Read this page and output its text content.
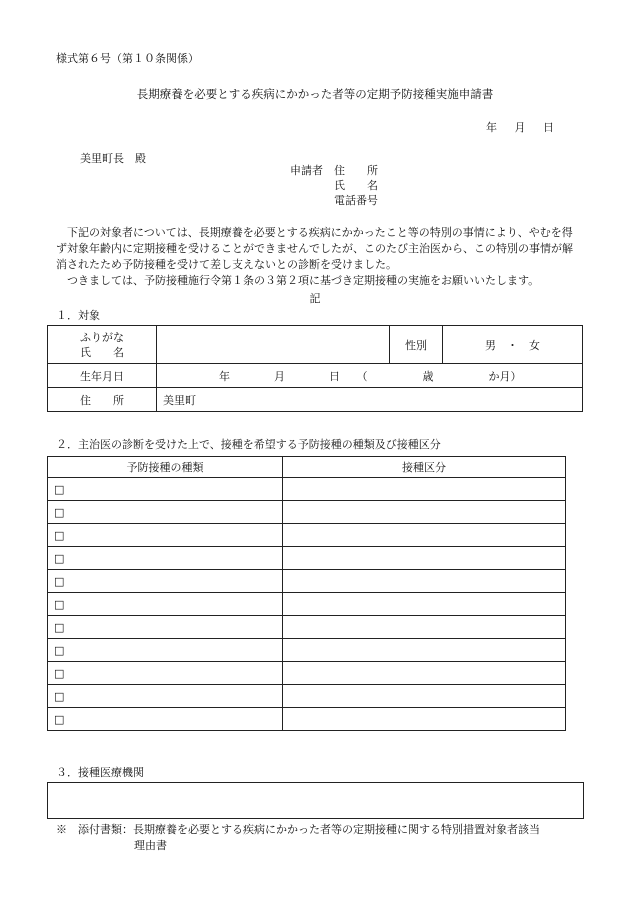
様式第６号（第１０条関係）
長期療養を必要とする疾病にかかった者等の定期予防接種実施申請書
年 月 日
美里町長　殿
申請者	住　　所
氏　　名
電話番号

下記の対象者については、長期療養を必要とする疾病にかかったこと等の特別の事情により、やむを得ず対象年齢内に定期接種を受けることができませんでしたが、このたび主治医から、この特別の事情が解消されたため予防接種を受けて差し支えないとの診断を受けました。

つきましては、予防接種施行令第１条の３第２項に基づき定期接種の実施をお願いいたします。

記
１．対象
ふりがな
氏　　名		性別	男　・　女
生年月日	年　　　　月　　　　日　　（　　　　　歳　　　　　か月）		
住　　所	美里町		
２．主治医の診断を受けた上で、接種を希望する予防接種の種類及び接種区分
予防接種の種類	接種区分
□	
□	
□	
□	
□	
□	
□	
□	
□	
□	
□	
３．接種医療機関
※　 添付書類：長期療養を必要とする疾病にかかった者等の定期接種に関する特別措置対象者該当
理由書
